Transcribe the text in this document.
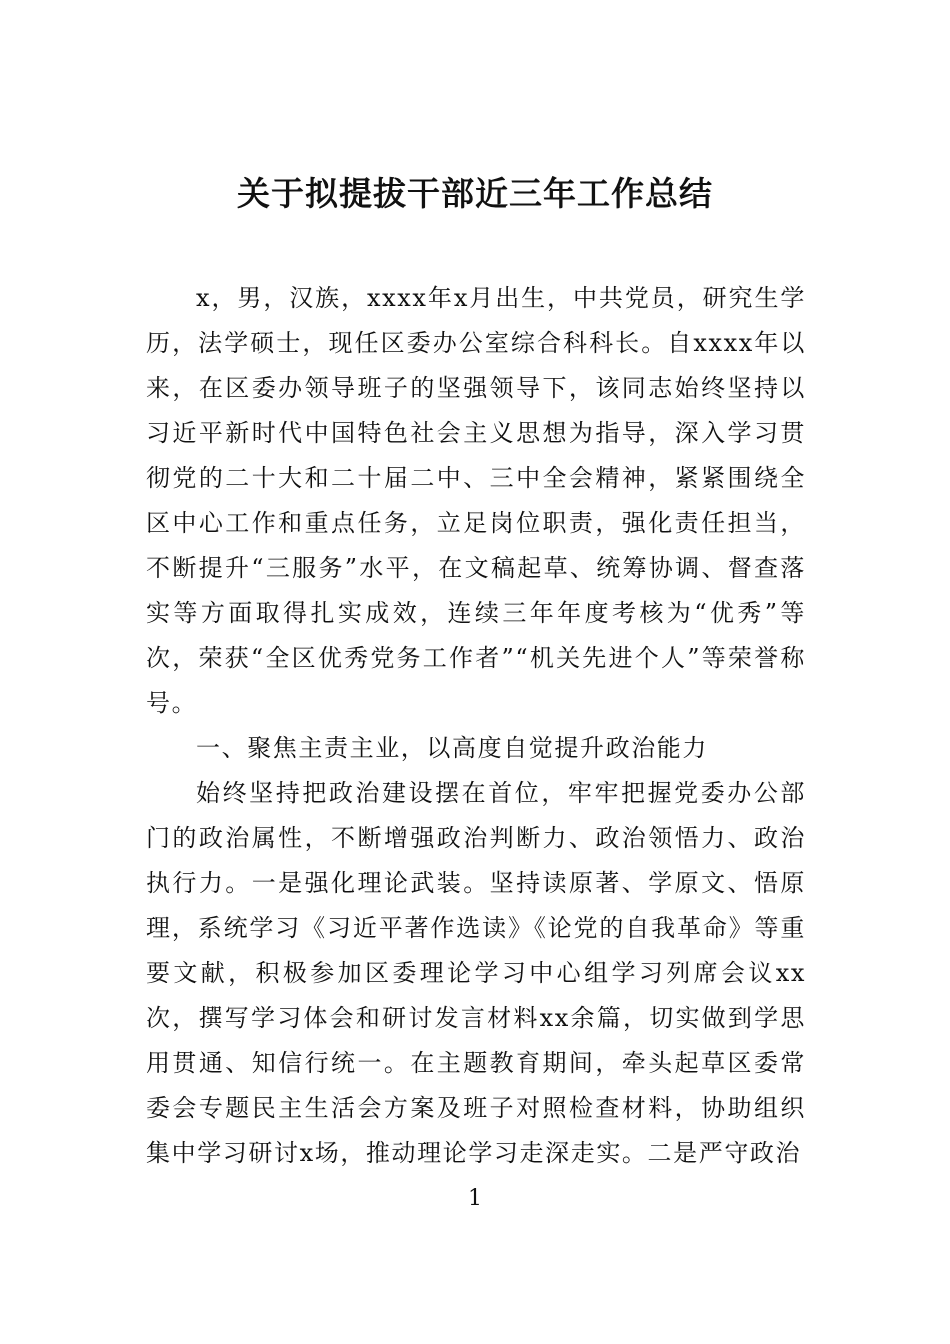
关于拟提拔干部近三年工作总结

x，男，汉族，xxxx年x月出生，中共党员，研究生学历，法学硕士，现任区委办公室综合科科长。自xxxx年以来，在区委办领导班子的坚强领导下，该同志始终坚持以习近平新时代中国特色社会主义思想为指导，深入学习贯彻党的二十大和二十届二中、三中全会精神，紧紧围绕全区中心工作和重点任务，立足岗位职责，强化责任担当，不断提升“三服务”水平，在文稿起草、统筹协调、督查落实等方面取得扎实成效，连续三年年度考核为“优秀”等次，荣获“全区优秀党务工作者”“机关先进个人”等荣誉称号。

一、聚焦主责主业，以高度自觉提升政治能力

始终坚持把政治建设摆在首位，牢牢把握党委办公部门的政治属性，不断增强政治判断力、政治领悟力、政治执行力。一是强化理论武装。坚持读原著、学原文、悟原理，系统学习《习近平著作选读》《论党的自我革命》等重要文献，积极参加区委理论学习中心组学习列席会议xx次，撰写学习体会和研讨发言材料xx余篇，切实做到学思用贯通、知信行统一。在主题教育期间，牵头起草区委常委会专题民主生活会方案及班子对照检查材料，协助组织集中学习研讨x场，推动理论学习走深走实。二是严守政治

1
